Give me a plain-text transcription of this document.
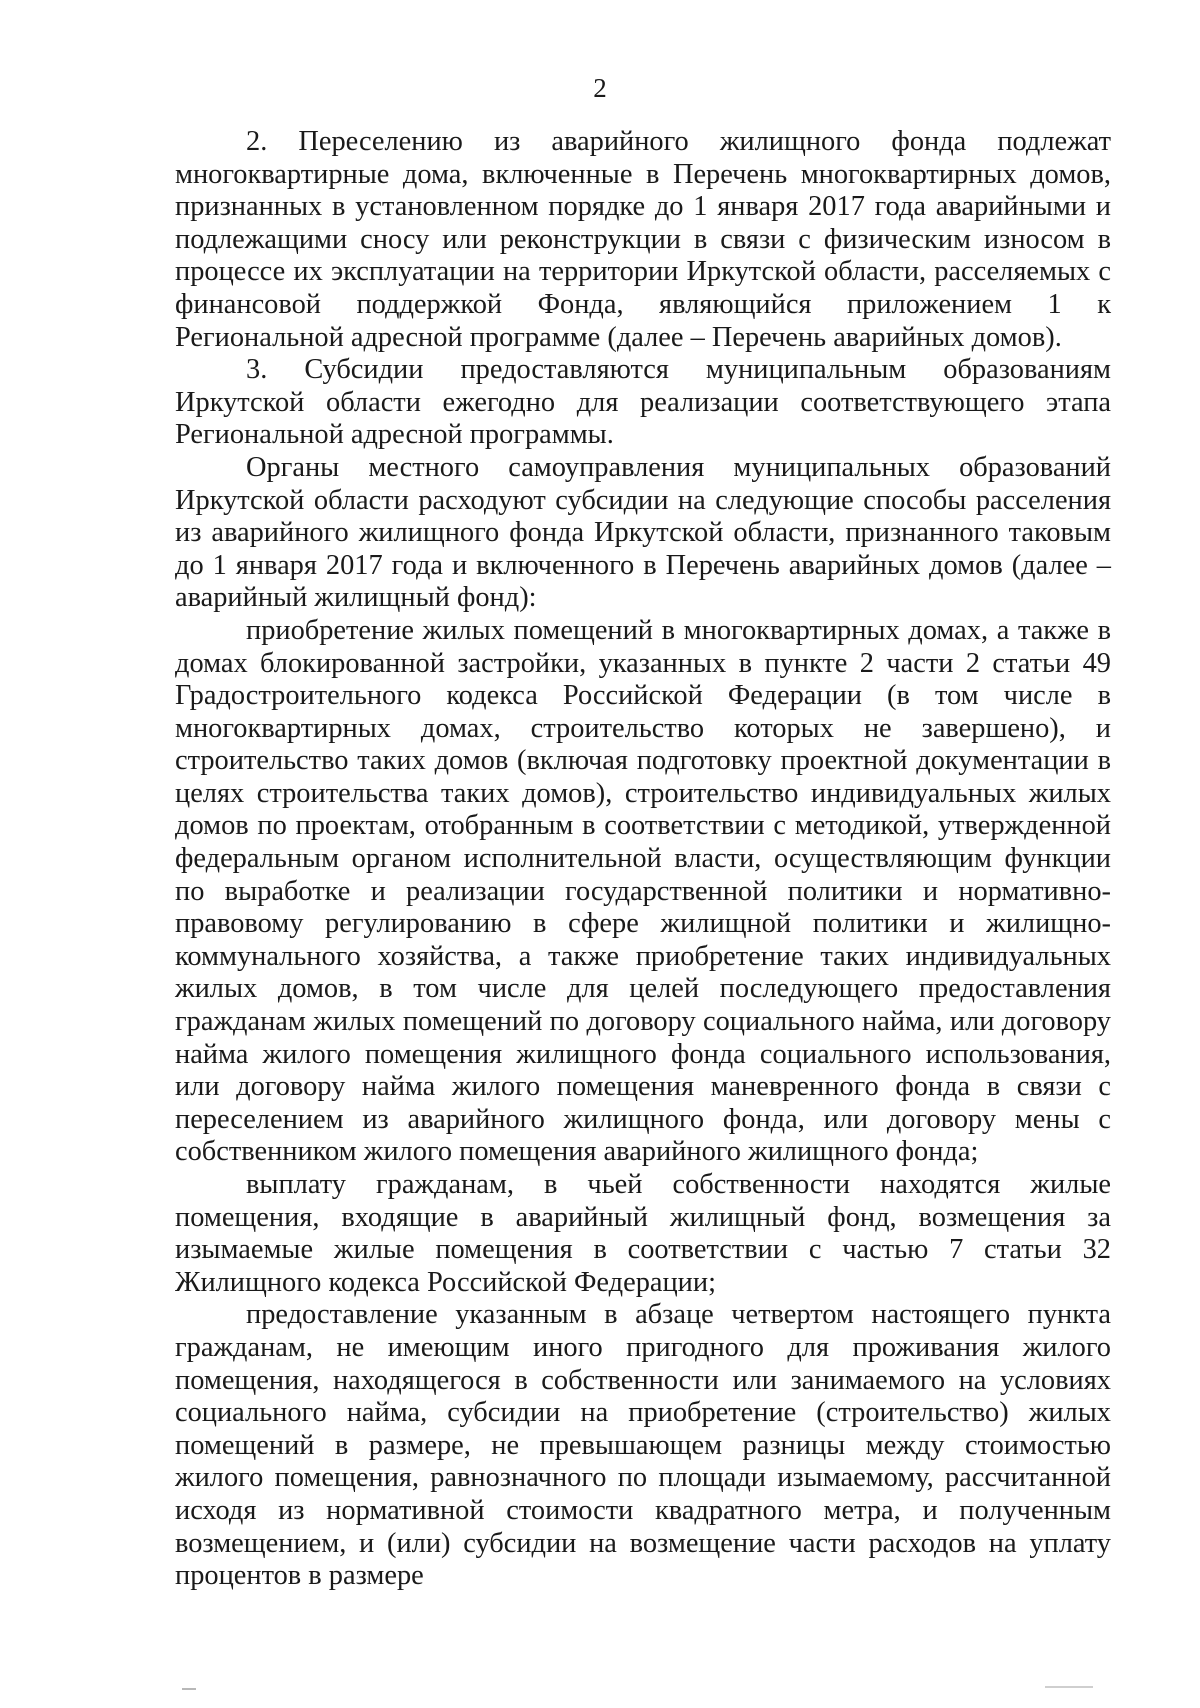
2

2. Переселению из аварийного жилищного фонда подлежат многоквартирные дома, включенные в Перечень многоквартирных домов, признанных в установленном порядке до 1 января 2017 года аварийными и подлежащими сносу или реконструкции в связи с физическим износом в процессе их эксплуатации на территории Иркутской области, расселяемых с финансовой поддержкой Фонда, являющийся приложением 1 к Региональной адресной программе (далее – Перечень аварийных домов).

3. Субсидии предоставляются муниципальным образованиям Иркутской области ежегодно для реализации соответствующего этапа Региональной адресной программы.

Органы местного самоуправления муниципальных образований Иркутской области расходуют субсидии на следующие способы расселения из аварийного жилищного фонда Иркутской области, признанного таковым до 1 января 2017 года и включенного в Перечень аварийных домов (далее – аварийный жилищный фонд):

приобретение жилых помещений в многоквартирных домах, а также в домах блокированной застройки, указанных в пункте 2 части 2 статьи 49 Градостроительного кодекса Российской Федерации (в том числе в многоквартирных домах, строительство которых не завершено), и строительство таких домов (включая подготовку проектной документации в целях строительства таких домов), строительство индивидуальных жилых домов по проектам, отобранным в соответствии с методикой, утвержденной федеральным органом исполнительной власти, осуществляющим функции по выработке и реализации государственной политики и нормативно-правовому регулированию в сфере жилищной политики и жилищно-коммунального хозяйства, а также приобретение таких индивидуальных жилых домов, в том числе для целей последующего предоставления гражданам жилых помещений по договору социального найма, или договору найма жилого помещения жилищного фонда социального использования, или договору найма жилого помещения маневренного фонда в связи с переселением из аварийного жилищного фонда, или договору мены с собственником жилого помещения аварийного жилищного фонда;

выплату гражданам, в чьей собственности находятся жилые помещения, входящие в аварийный жилищный фонд, возмещения за изымаемые жилые помещения в соответствии с частью 7 статьи 32 Жилищного кодекса Российской Федерации;

предоставление указанным в абзаце четвертом настоящего пункта гражданам, не имеющим иного пригодного для проживания жилого помещения, находящегося в собственности или занимаемого на условиях социального найма, субсидии на приобретение (строительство) жилых помещений в размере, не превышающем разницы между стоимостью жилого помещения, равнозначного по площади изымаемому, рассчитанной исходя из нормативной стоимости квадратного метра, и полученным возмещением, и (или) субсидии на возмещение части расходов на уплату процентов в размере
